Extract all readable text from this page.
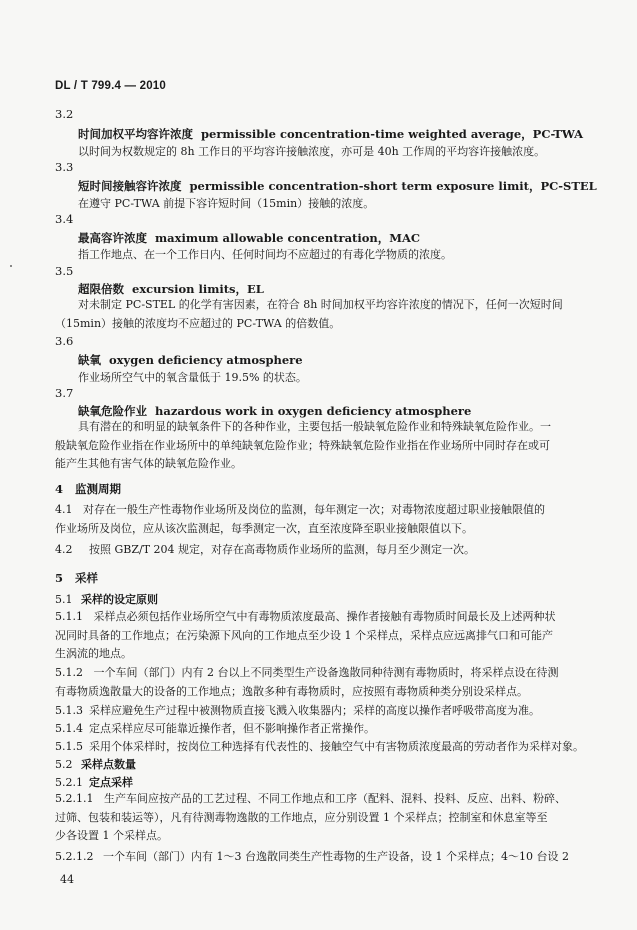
DL / T 799.4 — 2010
3.2
时间加权平均容许浓度 permissible concentration-time weighted average，PC-TWA
以时间为权数规定的 8h 工作日的平均容许接触浓度，亦可是 40h 工作周的平均容许接触浓度。
3.3
短时间接触容许浓度 permissible concentration-short term exposure limit，PC-STEL
在遵守 PC-TWA 前提下容许短时间（15min）接触的浓度。
3.4
最高容许浓度 maximum allowable concentration，MAC
指工作地点、在一个工作日内、任何时间均不应超过的有毒化学物质的浓度。
3.5
超限倍数 excursion limits，EL
对未制定 PC-STEL 的化学有害因素，在符合 8h 时间加权平均容许浓度的情况下，任何一次短时间
（15min）接触的浓度均不应超过的 PC-TWA 的倍数值。
3.6
缺氧 oxygen deficiency atmosphere
作业场所空气中的氧含量低于 19.5% 的状态。
3.7
缺氧危险作业 hazardous work in oxygen deficiency atmosphere
具有潜在的和明显的缺氧条件下的各种作业，主要包括一般缺氧危险作业和特殊缺氧危险作业。一
般缺氧危险作业指在作业场所中的单纯缺氧危险作业；特殊缺氧危险作业指在作业场所中同时存在或可
能产生其他有害气体的缺氧危险作业。
4 监测周期
4.1 对存在一般生产性毒物作业场所及岗位的监测，每年测定一次；对毒物浓度超过职业接触限值的
作业场所及岗位，应从该次监测起，每季测定一次，直至浓度降至职业接触限值以下。
4.2 按照 GBZ/T 204 规定，对存在高毒物质作业场所的监测，每月至少测定一次。
5 采样
5.1 采样的设定原则
5.1.1 采样点必须包括作业场所空气中有毒物质浓度最高、操作者接触有毒物质时间最长及上述两种状
况同时具备的工作地点；在污染源下风向的工作地点至少设 1 个采样点，采样点应远离排气口和可能产
生涡流的地点。
5.1.2 一个车间（部门）内有 2 台以上不同类型生产设备逸散同种待测有毒物质时，将采样点设在待测
有毒物质逸散量大的设备的工作地点；逸散多种有毒物质时，应按照有毒物质种类分别设采样点。
5.1.3 采样应避免生产过程中被测物质直接飞溅入收集器内；采样的高度以操作者呼吸带高度为准。
5.1.4 定点采样应尽可能靠近操作者，但不影响操作者正常操作。
5.1.5 采用个体采样时，按岗位工种选择有代表性的、接触空气中有害物质浓度最高的劳动者作为采样对象。
5.2 采样点数量
5.2.1 定点采样
5.2.1.1 生产车间应按产品的工艺过程、不同工作地点和工序（配料、混料、投料、反应、出料、粉碎、
过筛、包装和装运等），凡有待测毒物逸散的工作地点，应分别设置 1 个采样点；控制室和休息室等至
少各设置 1 个采样点。
5.2.1.2 一个车间（部门）内有 1～3 台逸散同类生产性毒物的生产设备，设 1 个采样点；4～10 台设 2
44
